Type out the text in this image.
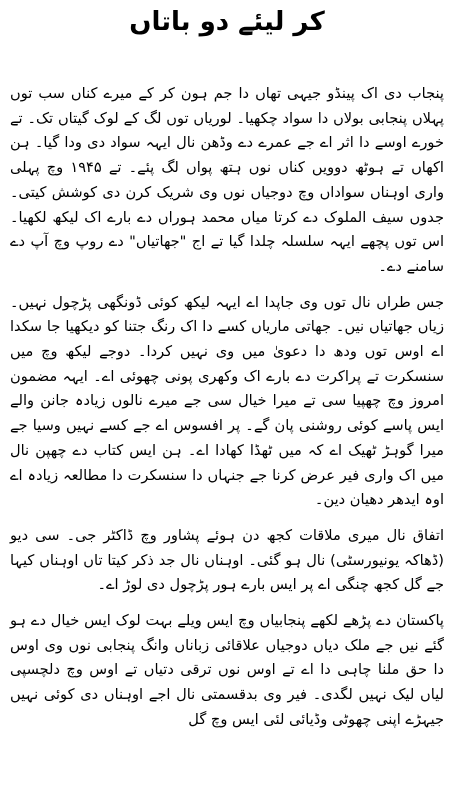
کر لیئے دو باتاں

پنجاب دی اک پینڈو جیہی تھاں دا جم ہون کر کے میرے کناں سب توں پہلاں پنجابی بولاں دا سواد چکھیا۔ لوریاں توں لگ کے لوک گیتاں تک۔ تے خورے اوسے دا اثر اے جے عمرے دے وڈھن نال ایہہ سواد دی ودا گیا۔ ہن اکھاں تے ہوٹھ دوویں کناں نوں ہتھ پواں لگ پئے۔ تے ۱۹۴۵ وچ پہلی واری اوہناں سواداں وچ دوجیاں نوں وی شریک کرن دی کوشش کیتی۔ جدوں سیف الملوک دے کرتا میاں محمد ہوراں دے بارے اک لیکھ لکھیا۔ اس توں پچھے ایہہ سلسلہ چلدا گیا تے اج "جھاتیاں" دے روپ وچ آپ دے سامنے دے۔

جس طراں نال توں وی جاپدا اے ایہہ لیکھ کوئی ڈونگھی پڑچول نہیں۔ زیاں جھاتیاں نیں۔ جھاتی ماریاں کسے دا اک رنگ جتنا کو دیکھیا جا سکدا اے اوس توں ودھ دا دعویٰ میں وی نہیں کردا۔ دوجے لیکھ وچ میں سنسکرت تے پراکرت دے بارے اک وکھری پونی چھوئی اے۔ ایہہ مضمون امروز وچ چھپیا سی تے میرا خیال سی جے میرے نالوں زیادہ جانن والے ایس پاسے کوئی روشنی پان گے۔ پر افسوس اے جے کسے نہیں وسیا جے میرا گوہڑ ٹھیک اے کہ میں ٹھڈا کھادا اے۔ ہن ایس کتاب دے چھپن نال میں اک واری فیر عرض کرنا جے جنہاں دا سنسکرت دا مطالعہ زیادہ اے اوہ ایدھر دھیان دین۔

اتفاق نال میری ملاقات کجھ دن ہوئے پشاور وچ ڈاکٹر جی۔ سی دیو (ڈھاکہ یونیورسٹی) نال ہو گئی۔ اوہناں نال جد ذکر کیتا تاں اوہناں کیہا جے گل کجھ چنگی اے پر ایس بارے ہور پڑچول دی لوڑ اے۔

پاکستان دے پڑھے لکھے پنجابیاں وچ ایس ویلے بہت لوک ایس خیال دے ہو گئے نیں جے ملک دیاں دوجیاں علاقائی زباناں وانگ پنجابی نوں وی اوس دا حق ملنا چاہی دا اے تے اوس نوں ترقی دتیاں تے اوس وچ دلچسپی لیاں لیک نہیں لگدی۔ فیر وی بدقسمتی نال اجے اوہناں دی کوئی نہیں جیہڑے اپنی چھوٹی وڈیائی لئی ایس وچ گل
